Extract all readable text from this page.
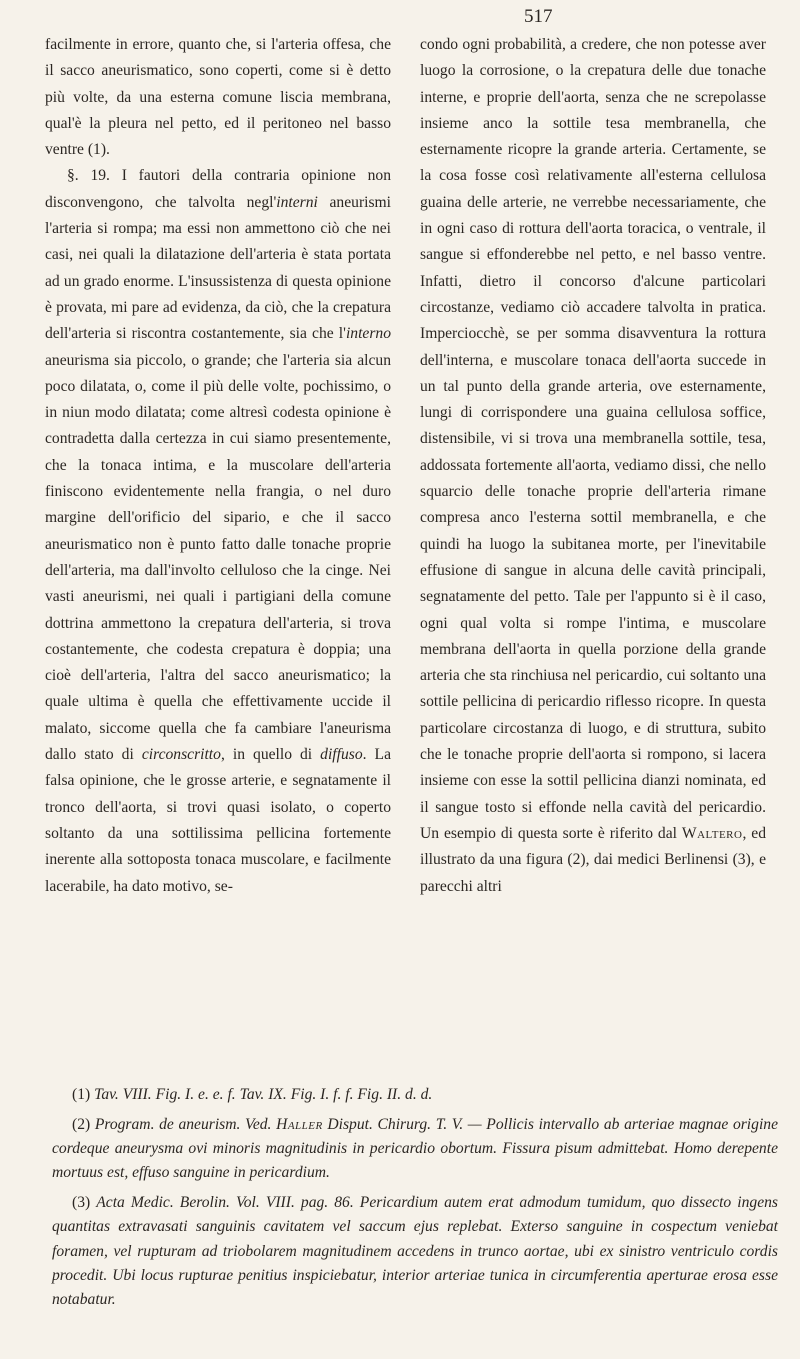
517

facilmente in errore, quanto che, si l'arteria offesa, che il sacco aneurismatico, sono coperti, come si è detto più volte, da una esterna comune liscia membrana, qual'è la pleura nel petto, ed il peritoneo nel basso ventre (1).

§. 19. I fautori della contraria opinione non disconvengono, che talvolta negl'interni aneurismi l'arteria si rompa; ma essi non ammettono ciò che nei casi, nei quali la dilatazione dell'arteria è stata portata ad un grado enorme. L'insussistenza di questa opinione è provata, mi pare ad evidenza, da ciò, che la crepatura dell'arteria si riscontra costantemente, sia che l'interno aneurisma sia piccolo, o grande; che l'arteria sia alcun poco dilatata, o, come il più delle volte, pochissimo, o in niun modo dilatata; come altresì codesta opinione è contradetta dalla certezza in cui siamo presentemente, che la tonaca intima, e la muscolare dell'arteria finiscono evidentemente nella frangia, o nel duro margine dell'orificio del sipario, e che il sacco aneurismatico non è punto fatto dalle tonache proprie dell'arteria, ma dall'involto celluloso che la cinge. Nei vasti aneurismi, nei quali i partigiani della comune dottrina ammettono la crepatura dell'arteria, si trova costantemente, che codesta crepatura è doppia; una cioè dell'arteria, l'altra del sacco aneurismatico; la quale ultima è quella che effettivamente uccide il malato, siccome quella che fa cambiare l'aneurisma dallo stato di circonscritto, in quello di diffuso. La falsa opinione, che le grosse arterie, e segnatamente il tronco dell'aorta, si trovi quasi isolato, o coperto soltanto da una sottilissima pellicina fortemente inerente alla sottoposta tonaca muscolare, e facilmente lacerabile, ha dato motivo, se-

condo ogni probabilità, a credere, che non potesse aver luogo la corrosione, o la crepatura delle due tonache interne, e proprie dell'aorta, senza che ne screpolasse insieme anco la sottile tesa membranella, che esternamente ricopre la grande arteria. Certamente, se la cosa fosse così relativamente all'esterna cellulosa guaina delle arterie, ne verrebbe necessariamente, che in ogni caso di rottura dell'aorta toracica, o ventrale, il sangue si effonderebbe nel petto, e nel basso ventre. Infatti, dietro il concorso d'alcune particolari circostanze, vediamo ciò accadere talvolta in pratica. Imperciocchè, se per somma disavventura la rottura dell'interna, e muscolare tonaca dell'aorta succede in un tal punto della grande arteria, ove esternamente, lungi di corrispondere una guaina cellulosa soffice, distensibile, vi si trova una membranella sottile, tesa, addossata fortemente all'aorta, vediamo dissi, che nello squarcio delle tonache proprie dell'arteria rimane compresa anco l'esterna sottil membranella, e che quindi ha luogo la subitanea morte, per l'inevitabile effusione di sangue in alcuna delle cavità principali, segnatamente del petto. Tale per l'appunto si è il caso, ogni qual volta si rompe l'intima, e muscolare membrana dell'aorta in quella porzione della grande arteria che sta rinchiusa nel pericardio, cui soltanto una sottile pellicina di pericardio riflesso ricopre. In questa particolare circostanza di luogo, e di struttura, subito che le tonache proprie dell'aorta si rompono, si lacera insieme con esse la sottil pellicina dianzi nominata, ed il sangue tosto si effonde nella cavità del pericardio. Un esempio di questa sorte è riferito dal Waltero, ed illustrato da una figura (2), dai medici Berlinensi (3), e parecchi altri

(1) Tav. VIII. Fig. I. e. e. f. Tav. IX. Fig. I. f. f. Fig. II. d. d.

(2) Program. de aneurism. Ved. Haller Disput. Chirurg. T. V. — Pollicis intervallo ab arteriae magnae origine cordeque aneurysma ovi minoris magnitudinis in pericardio obortum. Fissura pisum admittebat. Homo derepente mortuus est, effuso sanguine in pericardium.

(3) Acta Medic. Berolin. Vol. VIII. pag. 86. Pericardium autem erat admodum tumidum, quo dissecto ingens quantitas extravasati sanguinis cavitatem vel saccum ejus replebat. Exterso sanguine in cospectum veniebat foramen, vel rupturam ad triobolarem magnitudinem accedens in trunco aortae, ubi ex sinistro ventriculo cordis procedit. Ubi locus rupturae penitius inspiciebatur, interior arteriae tunica in circumferentia aperturae erosa esse notabatur.
